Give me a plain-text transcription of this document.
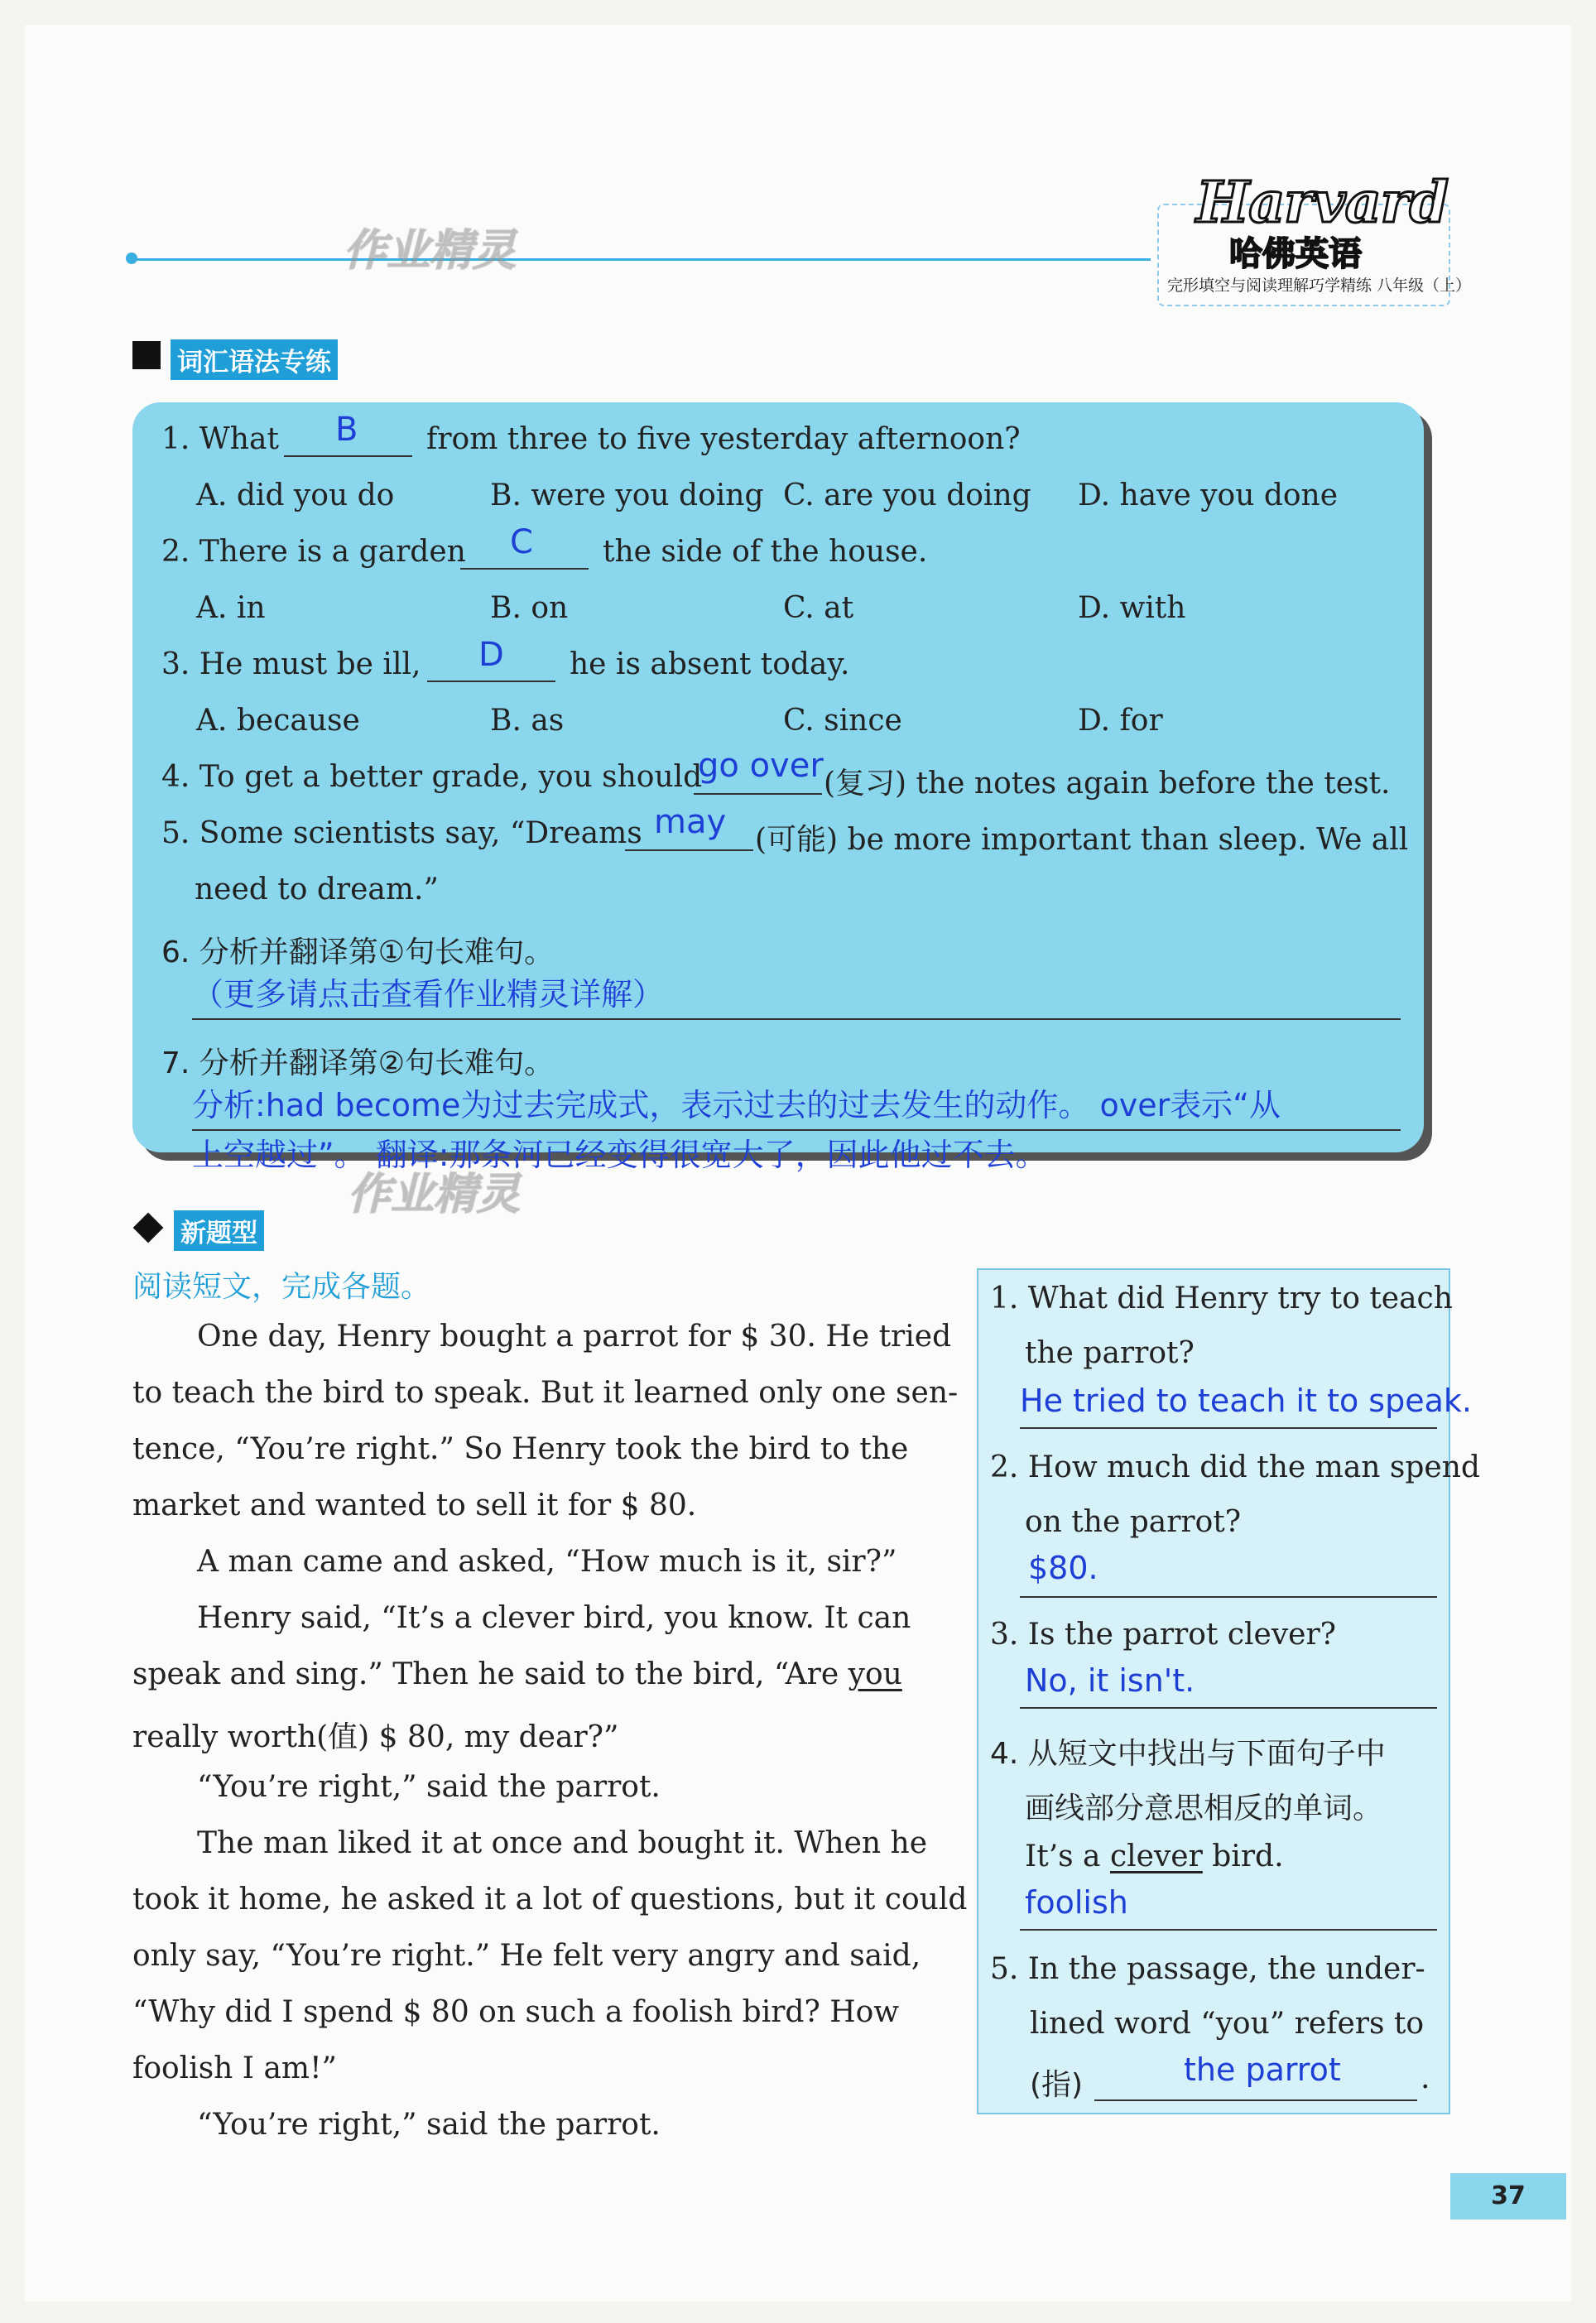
作业精灵
Harvard
哈佛英语
完形填空与阅读理解巧学精练 八年级（上）
词汇语法专练
1. What B from three to five yesterday afternoon?
A. did you do	B. were you doing C. are you doing D. have you done
2. There is a garden C the side of the house.
A. in	B. on	C. at	D. with
3. He must be ill, D he is absent today.
A. because	B. as	C. since	D. for
4. To get a better grade, you should
go over (复习) the notes again before the test.
5. Some scientists say, “Dreams may (可能) be more important than sleep. We all
need to dream.”
6. 分析并翻译第①句长难句。
（更多请点击查看作业精灵详解）
7. 分析并翻译第②句长难句。
分析:had become为过去完成式，表示过去的过去发生的动作。 over表示“从
上空越过”。 翻译:那条河已经变得很宽大了，因此他过不去。
作业精灵
新题型
阅读短文，完成各题。
One day, Henry bought a parrot for $ 30. He tried
to teach the bird to speak. But it learned only one sen-
tence, “You’re right.” So Henry took the bird to the
market and wanted to sell it for $ 80.
A man came and asked, “How much is it, sir?”
Henry said, “It’s a clever bird, you know. It can
speak and sing.” Then he said to the bird, “Are you
really worth(值) $ 80, my dear?”
“You’re right,” said the parrot.
The man liked it at once and bought it. When he
took it home, he asked it a lot of questions, but it could
only say, “You’re right.” He felt very angry and said,
“Why did I spend $ 80 on such a foolish bird? How
foolish I am!”
“You’re right,” said the parrot.
1. What did Henry try to teach
the parrot?
He tried to teach it to speak.
2. How much did the man spend
on the parrot?
$80.
3. Is the parrot clever?
No, it isn't.
4. 从短文中找出与下面句子中
画线部分意思相反的单词。
It’s a clever bird.
foolish
5. In the passage, the under-
lined word “you” refers to
(指)	the parrot	.
37
